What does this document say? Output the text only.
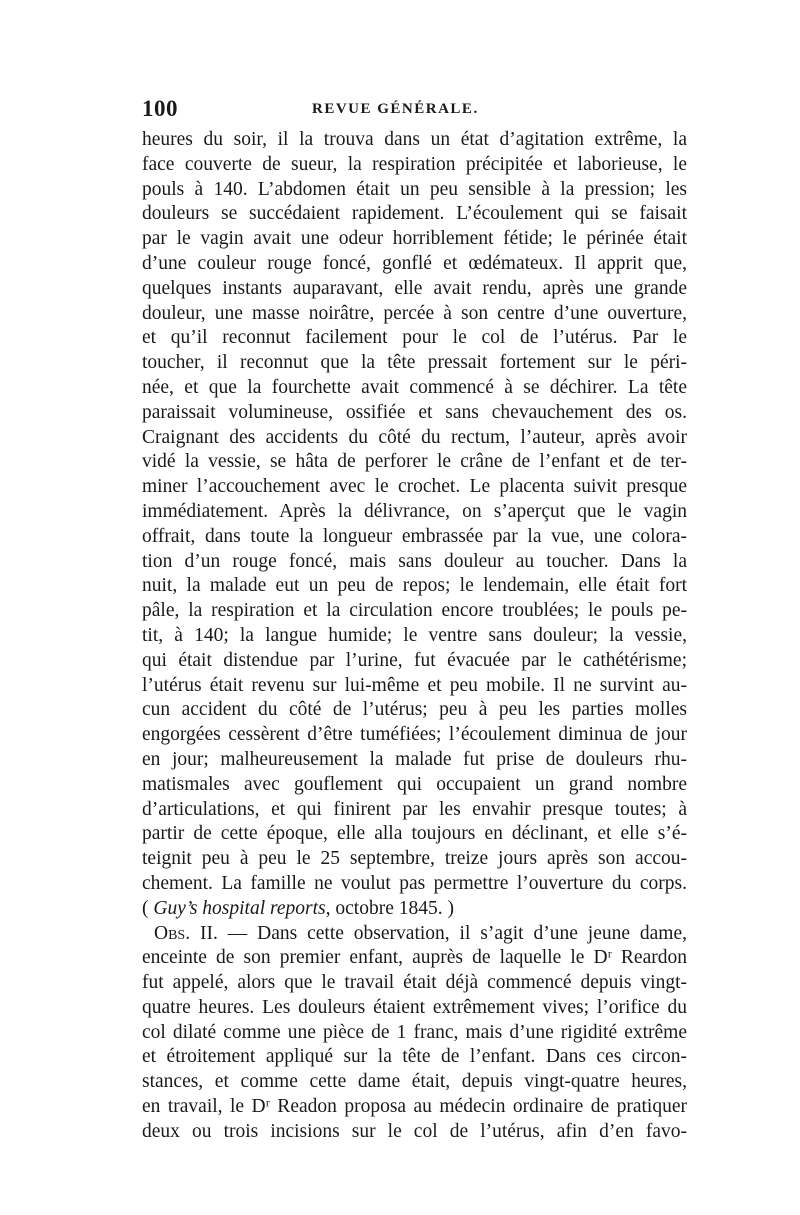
100	REVUE GÉNÉRALE.
heures du soir, il la trouva dans un état d’agitation extrême, la
face couverte de sueur, la respiration précipitée et laborieuse, le
pouls à 140. L’abdomen était un peu sensible à la pression; les
douleurs se succédaient rapidement. L’écoulement qui se faisait
par le vagin avait une odeur horriblement fétide; le périnée était
d’une couleur rouge foncé, gonflé et œdémateux. Il apprit que,
quelques instants auparavant, elle avait rendu, après une grande
douleur, une masse noirâtre, percée à son centre d’une ouverture,
et qu’il reconnut facilement pour le col de l’utérus. Par le
toucher, il reconnut que la tête pressait fortement sur le péri-
née, et que la fourchette avait commencé à se déchirer. La tête
paraissait volumineuse, ossifiée et sans chevauchement des os.
Craignant des accidents du côté du rectum, l’auteur, après avoir
vidé la vessie, se hâta de perforer le crâne de l’enfant et de ter-
miner l’accouchement avec le crochet. Le placenta suivit presque
immédiatement. Après la délivrance, on s’aperçut que le vagin
offrait, dans toute la longueur embrassée par la vue, une colora-
tion d’un rouge foncé, mais sans douleur au toucher. Dans la
nuit, la malade eut un peu de repos; le lendemain, elle était fort
pâle, la respiration et la circulation encore troublées; le pouls pe-
tit, à 140; la langue humide; le ventre sans douleur; la vessie,
qui était distendue par l’urine, fut évacuée par le cathétérisme;
l’utérus était revenu sur lui-même et peu mobile. Il ne survint au-
cun accident du côté de l’utérus; peu à peu les parties molles
engorgées cessèrent d’être tuméfiées; l’écoulement diminua de jour
en jour; malheureusement la malade fut prise de douleurs rhu-
matismales avec gouflement qui occupaient un grand nombre
d’articulations, et qui finirent par les envahir presque toutes; à
partir de cette époque, elle alla toujours en déclinant, et elle s’é-
teignit peu à peu le 25 septembre, treize jours après son accou-
chement. La famille ne voulut pas permettre l’ouverture du corps.
( Guy’s hospital reports, octobre 1845. )
Obs. II. — Dans cette observation, il s’agit d’une jeune dame,
enceinte de son premier enfant, auprès de laquelle le Dʳ Reardon
fut appelé, alors que le travail était déjà commencé depuis vingt-
quatre heures. Les douleurs étaient extrêmement vives; l’orifice du
col dilaté comme une pièce de 1 franc, mais d’une rigidité extrême
et étroitement appliqué sur la tête de l’enfant. Dans ces circon-
stances, et comme cette dame était, depuis vingt-quatre heures,
en travail, le Dʳ Readon proposa au médecin ordinaire de pratiquer
deux ou trois incisions sur le col de l’utérus, afin d’en favo-
